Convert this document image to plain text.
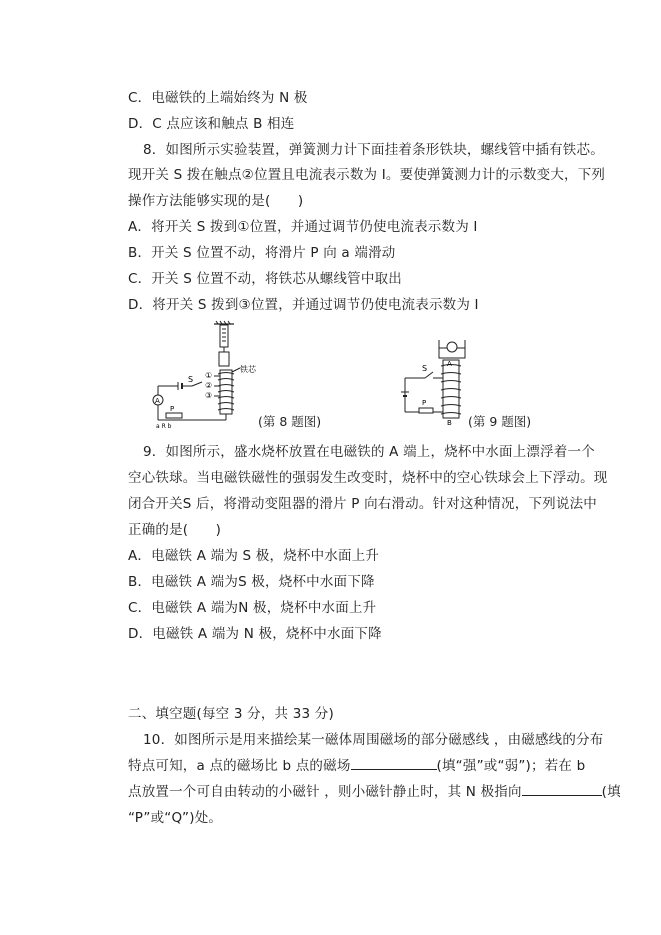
C．电磁铁的上端始终为 N 极
D．C 点应该和触点 B 相连
8．如图所示实验装置，弹簧测力计下面挂着条形铁块，螺线管中插有铁芯。
现开关 S 拨在触点②位置且电流表示数为 I。要使弹簧测力计的示数变大，下列
操作方法能够实现的是(　　)
A．将开关 S 拨到①位置，并通过调节仍使电流表示数为 I
B．开关 S 位置不动，将滑片 P 向 a 端滑动
C．开关 S 位置不动，将铁芯从螺线管中取出
D．将开关 S 拨到③位置，并通过调节仍使电流表示数为 I
①
②
③
铁芯
S
A
P
a R b	(第 8 题图)
A
B
S
P
(第 9 题图)
9．如图所示，盛水烧杯放置在电磁铁的 A 端上，烧杯中水面上漂浮着一个
空心铁球。当电磁铁磁性的强弱发生改变时，烧杯中的空心铁球会上下浮动。现
闭合开关S 后，将滑动变阻器的滑片 P 向右滑动。针对这种情况，下列说法中
正确的是(　　)
A．电磁铁 A 端为 S 极，烧杯中水面上升
B．电磁铁 A 端为S 极，烧杯中水面下降
C．电磁铁 A 端为N 极，烧杯中水面上升
D．电磁铁 A 端为 N 极，烧杯中水面下降
二、填空题(每空 3 分，共 33 分)
10．如图所示是用来描绘某一磁体周围磁场的部分磁感线 ，由磁感线的分布
特点可知，a 点的磁场比 b 点的磁场	(填“强”或“弱”)；若在 b
点放置一个可自由转动的小磁针 ，则小磁针静止时，其 N 极指向	(填
“P”或“Q”)处。
